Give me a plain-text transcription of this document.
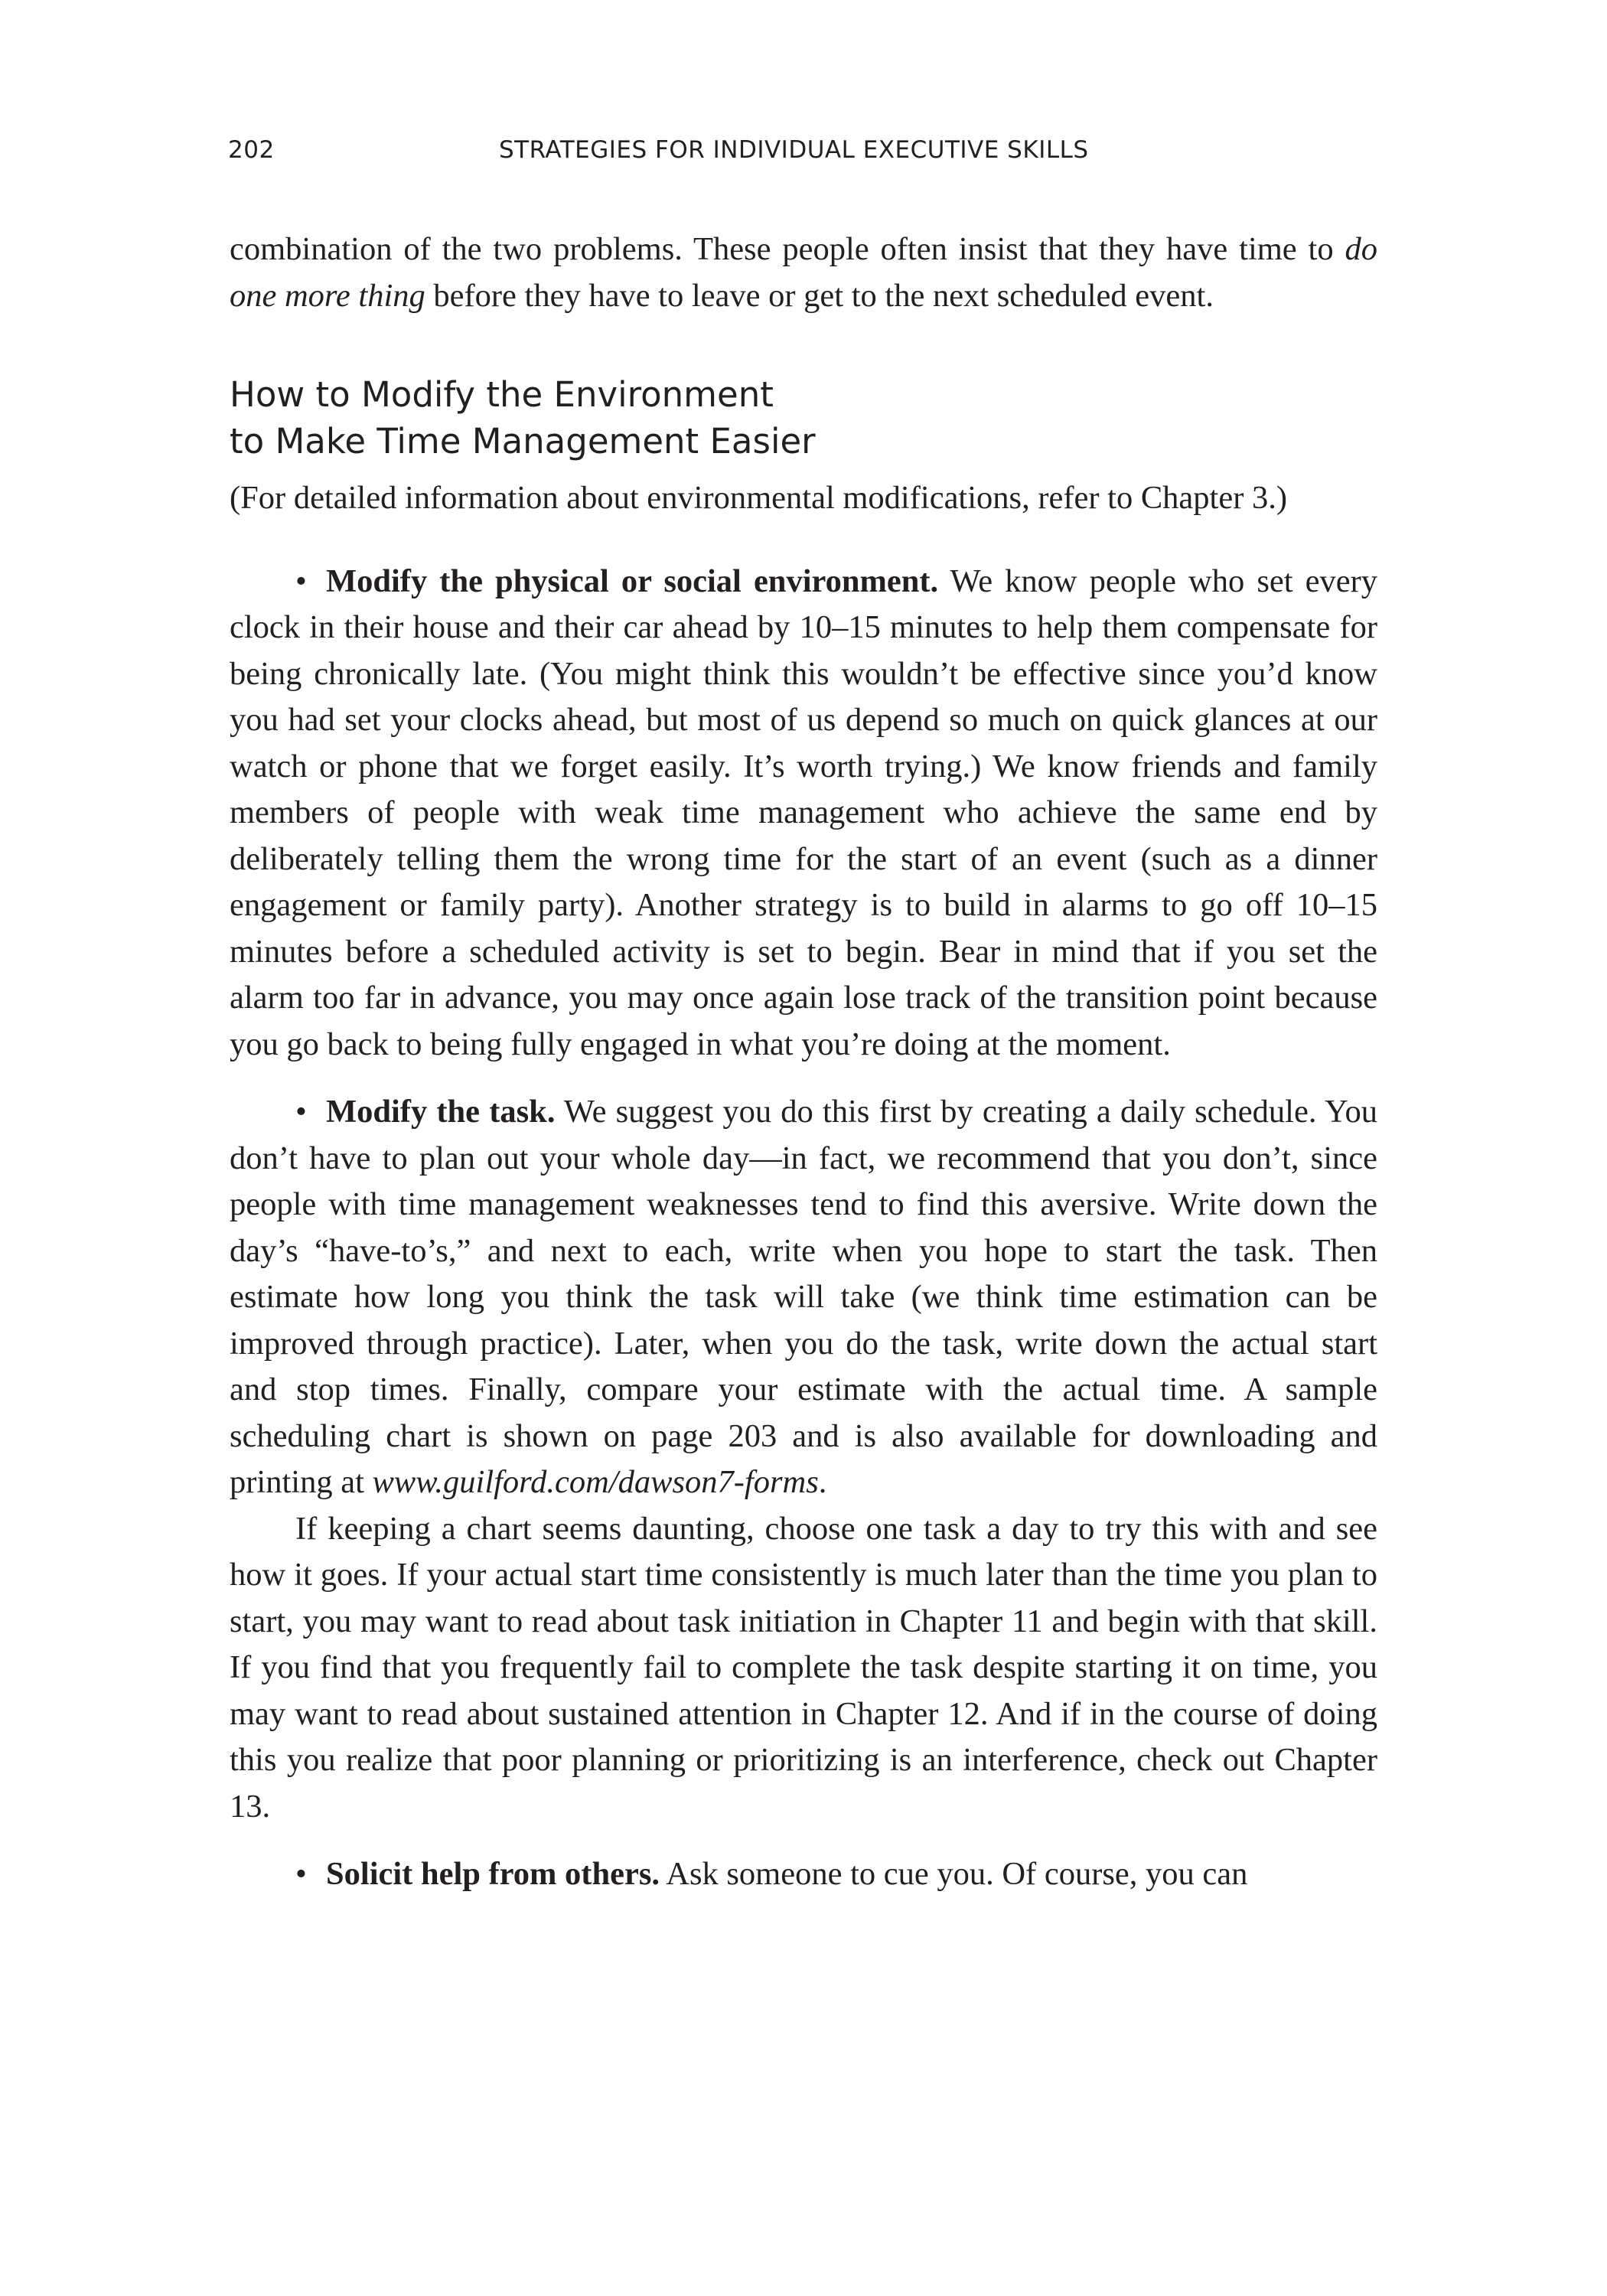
202	STRATEGIES FOR INDIVIDUAL EXECUTIVE SKILLS

combination of the two problems. These people often insist that they have time to do one more thing before they have to leave or get to the next scheduled event.

How to Modify the Environment
to Make Time Management Easier

(For detailed information about environmental modifications, refer to Chapter 3.)

• Modify the physical or social environment. We know people who set every clock in their house and their car ahead by 10–15 minutes to help them compensate for being chronically late. (You might think this wouldn’t be effective since you’d know you had set your clocks ahead, but most of us depend so much on quick glances at our watch or phone that we forget easily. It’s worth trying.) We know friends and family members of people with weak time management who achieve the same end by deliberately telling them the wrong time for the start of an event (such as a dinner engagement or family party). Another strategy is to build in alarms to go off 10–15 minutes before a scheduled activity is set to begin. Bear in mind that if you set the alarm too far in advance, you may once again lose track of the transition point because you go back to being fully engaged in what you’re doing at the moment.

• Modify the task. We suggest you do this first by creating a daily schedule. You don’t have to plan out your whole day—in fact, we recommend that you don’t, since people with time management weaknesses tend to find this aversive. Write down the day’s “have-to’s,” and next to each, write when you hope to start the task. Then estimate how long you think the task will take (we think time estimation can be improved through practice). Later, when you do the task, write down the actual start and stop times. Finally, compare your estimate with the actual time. A sample scheduling chart is shown on page 203 and is also available for downloading and printing at www.guilford.com/dawson7-forms.

If keeping a chart seems daunting, choose one task a day to try this with and see how it goes. If your actual start time consistently is much later than the time you plan to start, you may want to read about task initiation in Chapter 11 and begin with that skill. If you find that you frequently fail to complete the task despite starting it on time, you may want to read about sustained attention in Chapter 12. And if in the course of doing this you realize that poor planning or prioritizing is an interference, check out Chapter 13.

• Solicit help from others. Ask someone to cue you. Of course, you can
